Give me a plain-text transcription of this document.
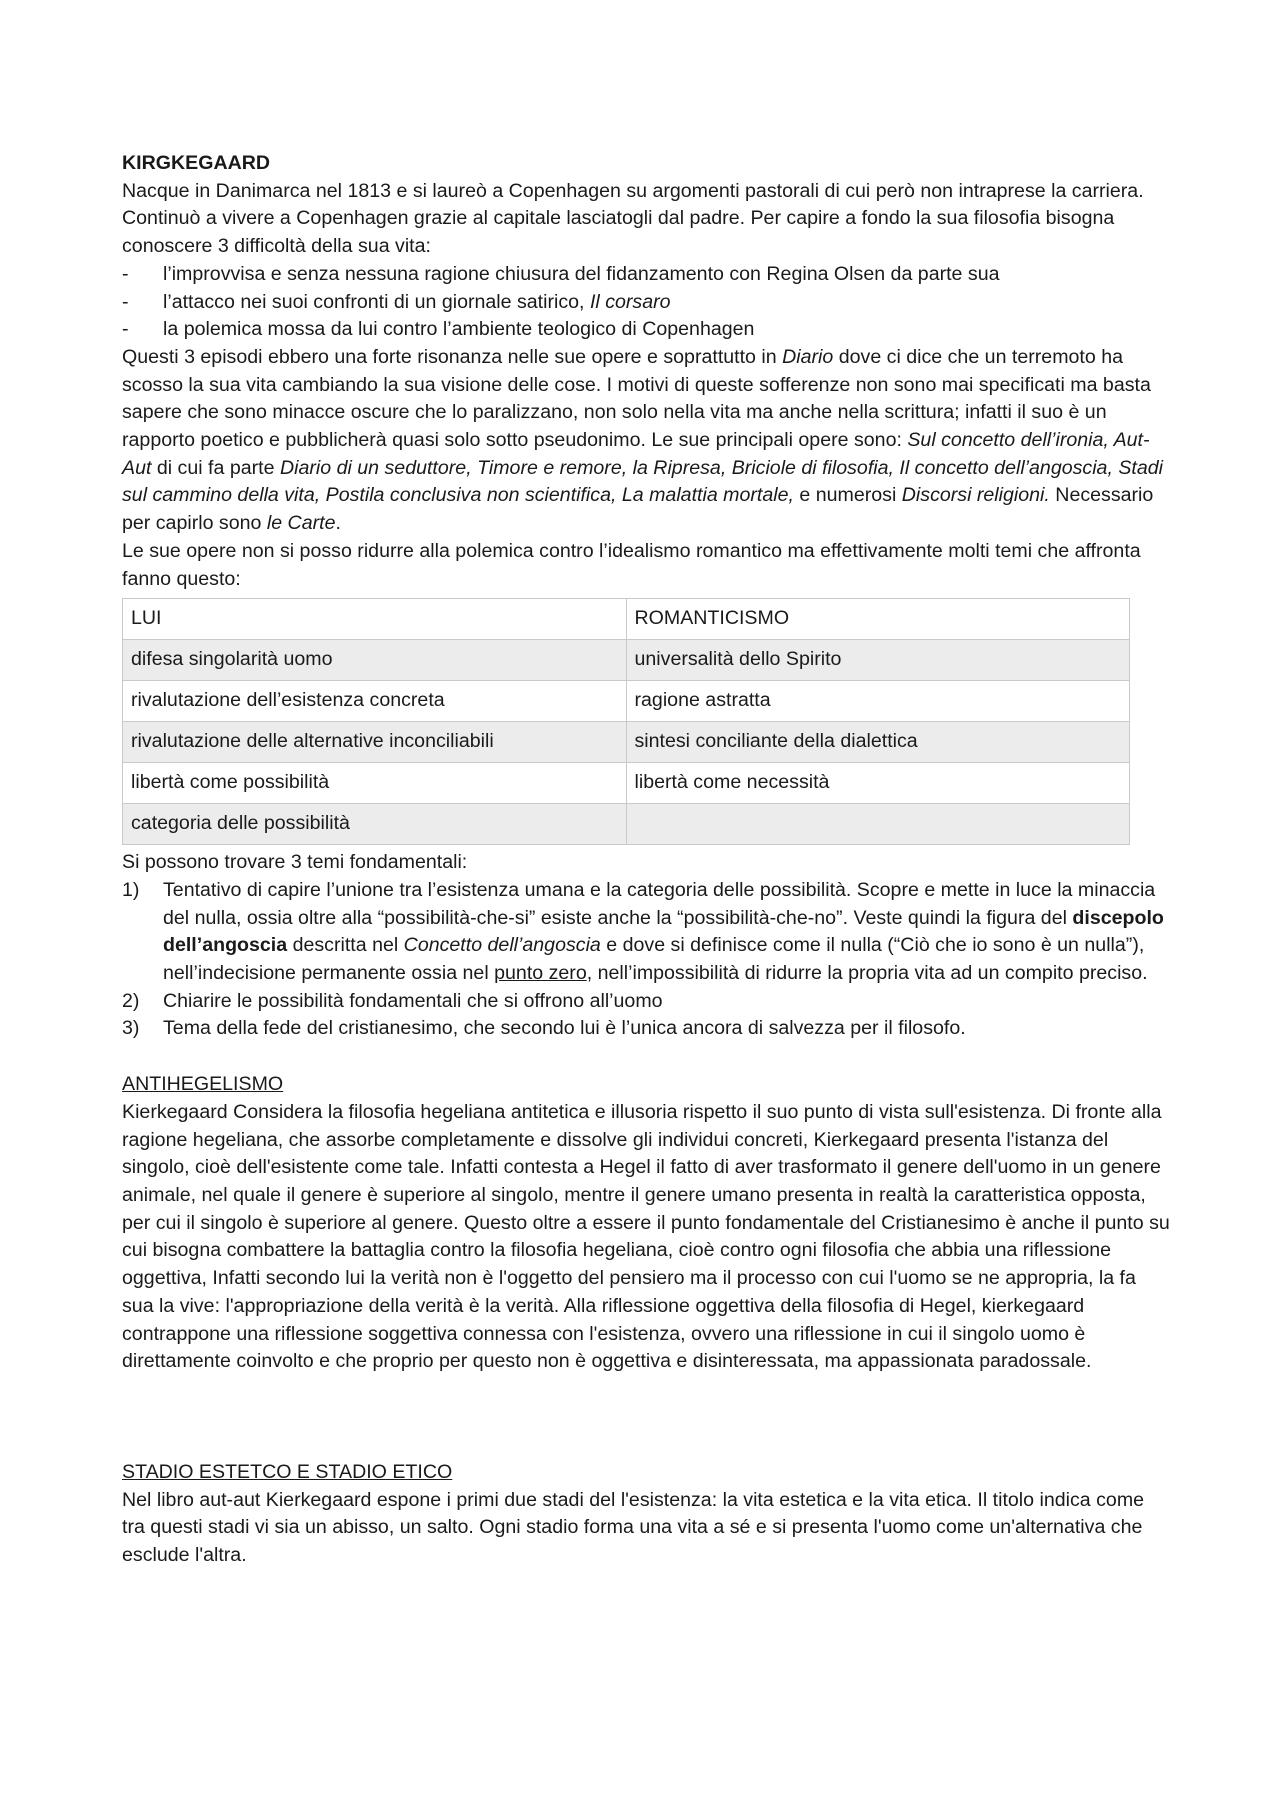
KIRGKEGAARD

Nacque in Danimarca nel 1813 e si laureò a Copenhagen su argomenti pastorali di cui però non intraprese la carriera. Continuò a vivere a Copenhagen grazie al capitale lasciatogli dal padre. Per capire a fondo la sua filosofia bisogna conoscere 3 difficoltà della sua vita:

- l’improvvisa e senza nessuna ragione chiusura del fidanzamento con Regina Olsen da parte sua
- l’attacco nei suoi confronti di un giornale satirico, Il corsaro
- la polemica mossa da lui contro l’ambiente teologico di Copenhagen

Questi 3 episodi ebbero una forte risonanza nelle sue opere e soprattutto in Diario dove ci dice che un terremoto ha scosso la sua vita cambiando la sua visione delle cose. I motivi di queste sofferenze non sono mai specificati ma basta sapere che sono minacce oscure che lo paralizzano, non solo nella vita ma anche nella scrittura; infatti il suo è un rapporto poetico e pubblicherà quasi solo sotto pseudonimo. Le sue principali opere sono: Sul concetto dell’ironia, Aut-Aut di cui fa parte Diario di un seduttore, Timore e remore, la Ripresa, Briciole di filosofia, Il concetto dell’angoscia, Stadi sul cammino della vita, Postila conclusiva non scientifica, La malattia mortale, e numerosi Discorsi religioni. Necessario per capirlo sono le Carte.

Le sue opere non si posso ridurre alla polemica contro l’idealismo romantico ma effettivamente molti temi che affronta fanno questo:

LUI	ROMANTICISMO
difesa singolarità uomo	universalità dello Spirito
rivalutazione dell’esistenza concreta	ragione astratta
rivalutazione delle alternative inconciliabili	sintesi conciliante della dialettica
libertà come possibilità	libertà come necessità
categoria delle possibilità	

Si possono trovare 3 temi fondamentali:

1) Tentativo di capire l’unione tra l’esistenza umana e la categoria delle possibilità. Scopre e mette in luce la minaccia del nulla, ossia oltre alla “possibilità-che-si” esiste anche la “possibilità-che-no”. Veste quindi la figura del discepolo dell’angoscia descritta nel Concetto dell’angoscia e dove si definisce come il nulla (“Ciò che io sono è un nulla”), nell’indecisione permanente ossia nel punto zero, nell’impossibilità di ridurre la propria vita ad un compito preciso.
2) Chiarire le possibilità fondamentali che si offrono all’uomo
3) Tema della fede del cristianesimo, che secondo lui è l’unica ancora di salvezza per il filosofo.

ANTIHEGELISMO

Kierkegaard Considera la filosofia hegeliana antitetica e illusoria rispetto il suo punto di vista sull'esistenza. Di fronte alla ragione hegeliana, che assorbe completamente e dissolve gli individui concreti, Kierkegaard presenta l'istanza del singolo, cioè dell'esistente come tale. Infatti contesta a Hegel il fatto di aver trasformato il genere dell'uomo in un genere animale, nel quale il genere è superiore al singolo, mentre il genere umano presenta in realtà la caratteristica opposta, per cui il singolo è superiore al genere. Questo oltre a essere il punto fondamentale del Cristianesimo è anche il punto su cui bisogna combattere la battaglia contro la filosofia hegeliana, cioè contro ogni filosofia che abbia una riflessione oggettiva, Infatti secondo lui la verità non è l'oggetto del pensiero ma il processo con cui l'uomo se ne appropria, la fa sua la vive: l'appropriazione della verità è la verità. Alla riflessione oggettiva della filosofia di Hegel, kierkegaard contrappone una riflessione soggettiva connessa con l'esistenza, ovvero una riflessione in cui il singolo uomo è direttamente coinvolto e che proprio per questo non è oggettiva e disinteressata, ma appassionata paradossale.

STADIO ESTETCO E STADIO ETICO

Nel libro aut-aut Kierkegaard espone i primi due stadi del l'esistenza: la vita estetica e la vita etica. Il titolo indica come tra questi stadi vi sia un abisso, un salto. Ogni stadio forma una vita a sé e si presenta l'uomo come un'alternativa che esclude l'altra.
